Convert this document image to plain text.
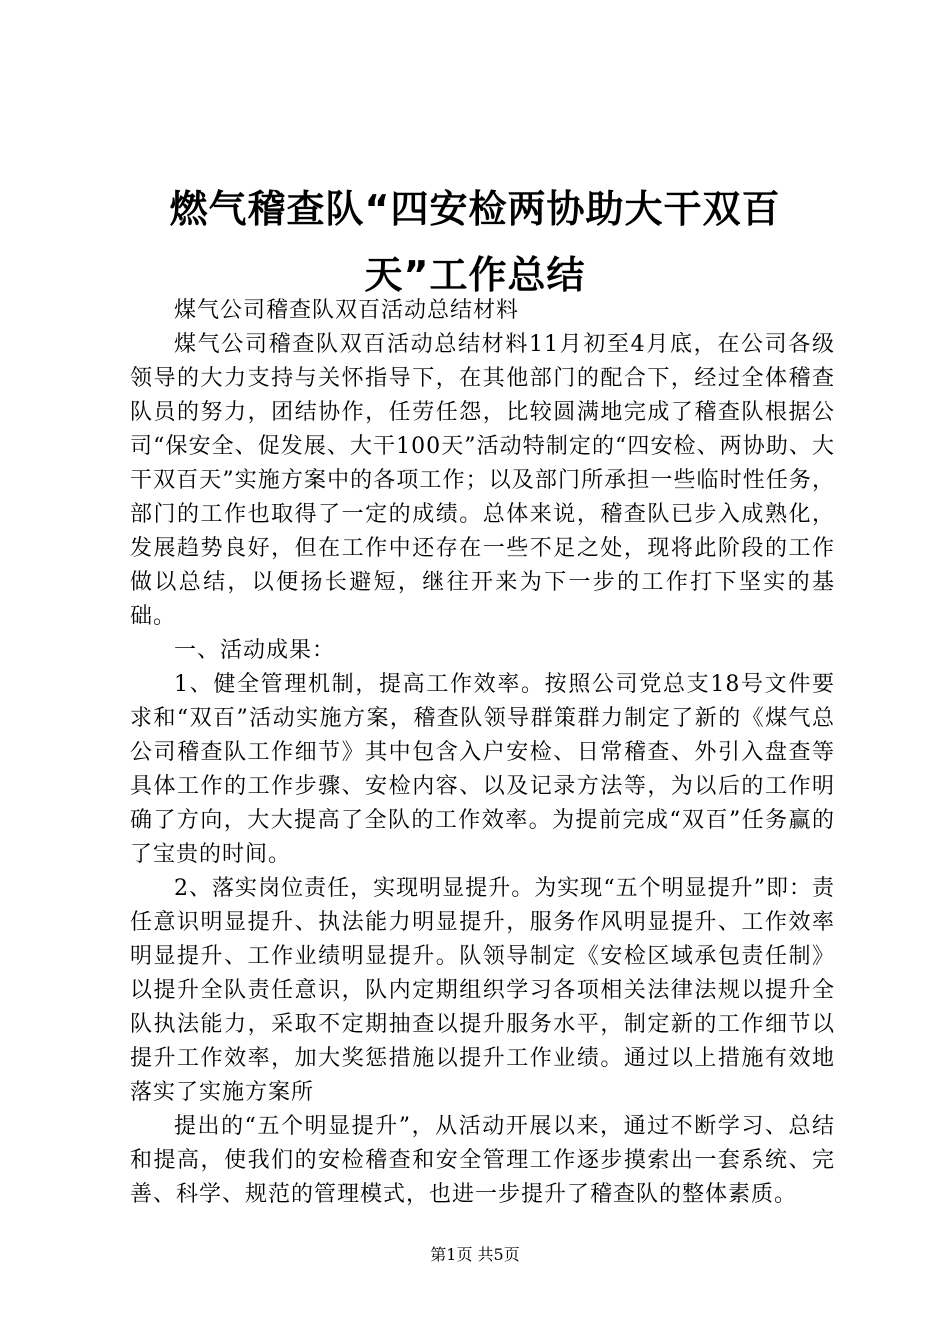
燃气稽查队“四安检两协助大干双百天”工作总结

煤气公司稽查队双百活动总结材料

煤气公司稽查队双百活动总结材料11月初至4月底，在公司各级领导的大力支持与关怀指导下，在其他部门的配合下，经过全体稽查队员的努力，团结协作，任劳任怨，比较圆满地完成了稽查队根据公司“保安全、促发展、大干100天”活动特制定的“四安检、两协助、大干双百天”实施方案中的各项工作；以及部门所承担一些临时性任务，部门的工作也取得了一定的成绩。总体来说，稽查队已步入成熟化，发展趋势良好，但在工作中还存在一些不足之处，现将此阶段的工作做以总结，以便扬长避短，继往开来为下一步的工作打下坚实的基础。

一、活动成果：

1、健全管理机制，提高工作效率。按照公司党总支18号文件要求和“双百”活动实施方案，稽查队领导群策群力制定了新的《煤气总公司稽查队工作细节》其中包含入户安检、日常稽查、外引入盘查等具体工作的工作步骤、安检内容、以及记录方法等，为以后的工作明确了方向，大大提高了全队的工作效率。为提前完成“双百”任务赢的了宝贵的时间。

2、落实岗位责任，实现明显提升。为实现“五个明显提升”即：责任意识明显提升、执法能力明显提升，服务作风明显提升、工作效率明显提升、工作业绩明显提升。队领导制定《安检区域承包责任制》以提升全队责任意识，队内定期组织学习各项相关法律法规以提升全队执法能力，采取不定期抽查以提升服务水平，制定新的工作细节以提升工作效率，加大奖惩措施以提升工作业绩。通过以上措施有效地落实了实施方案所

提出的“五个明显提升”，从活动开展以来，通过不断学习、总结和提高，使我们的安检稽查和安全管理工作逐步摸索出一套系统、完善、科学、规范的管理模式，也进一步提升了稽查队的整体素质。

第1页 共5页
